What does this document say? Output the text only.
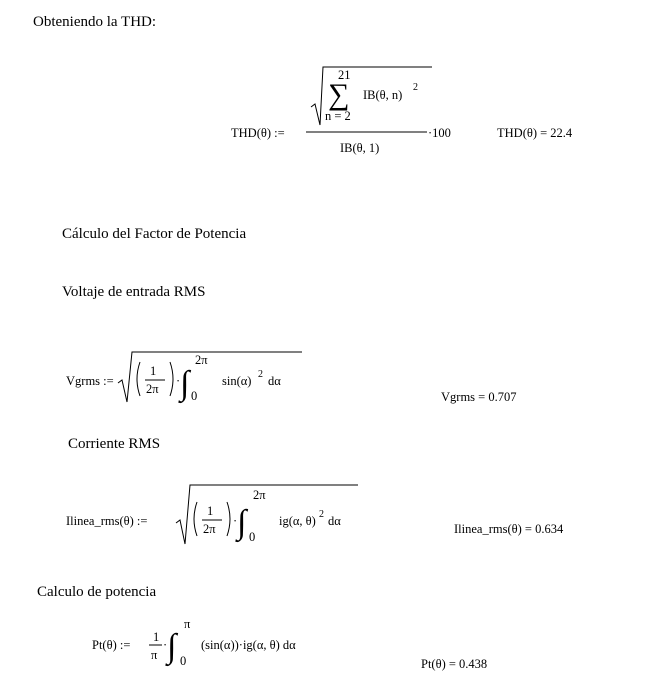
Obteniendo la THD:
Cálculo del Factor de Potencia
Voltaje de entrada RMS
Corriente RMS
Calculo de potencia
THD(θ) :=
21
∑
n = 2
IB(θ, n)
2
IB(θ, 1)
·100	THD(θ) = 22.4
Vgrms :=
1
2π
· ∫
2π
0
sin(α) 2 dα
Vgrms = 0.707
Ilinea_rms(θ) :=
1
2π
· ∫
2π
0
ig(α, θ) 2 dα
Ilinea_rms(θ) = 0.634
Pt(θ) :=
1
π
· ∫
π
0
(sin(α))·ig(α, θ) dα
Pt(θ) = 0.438
